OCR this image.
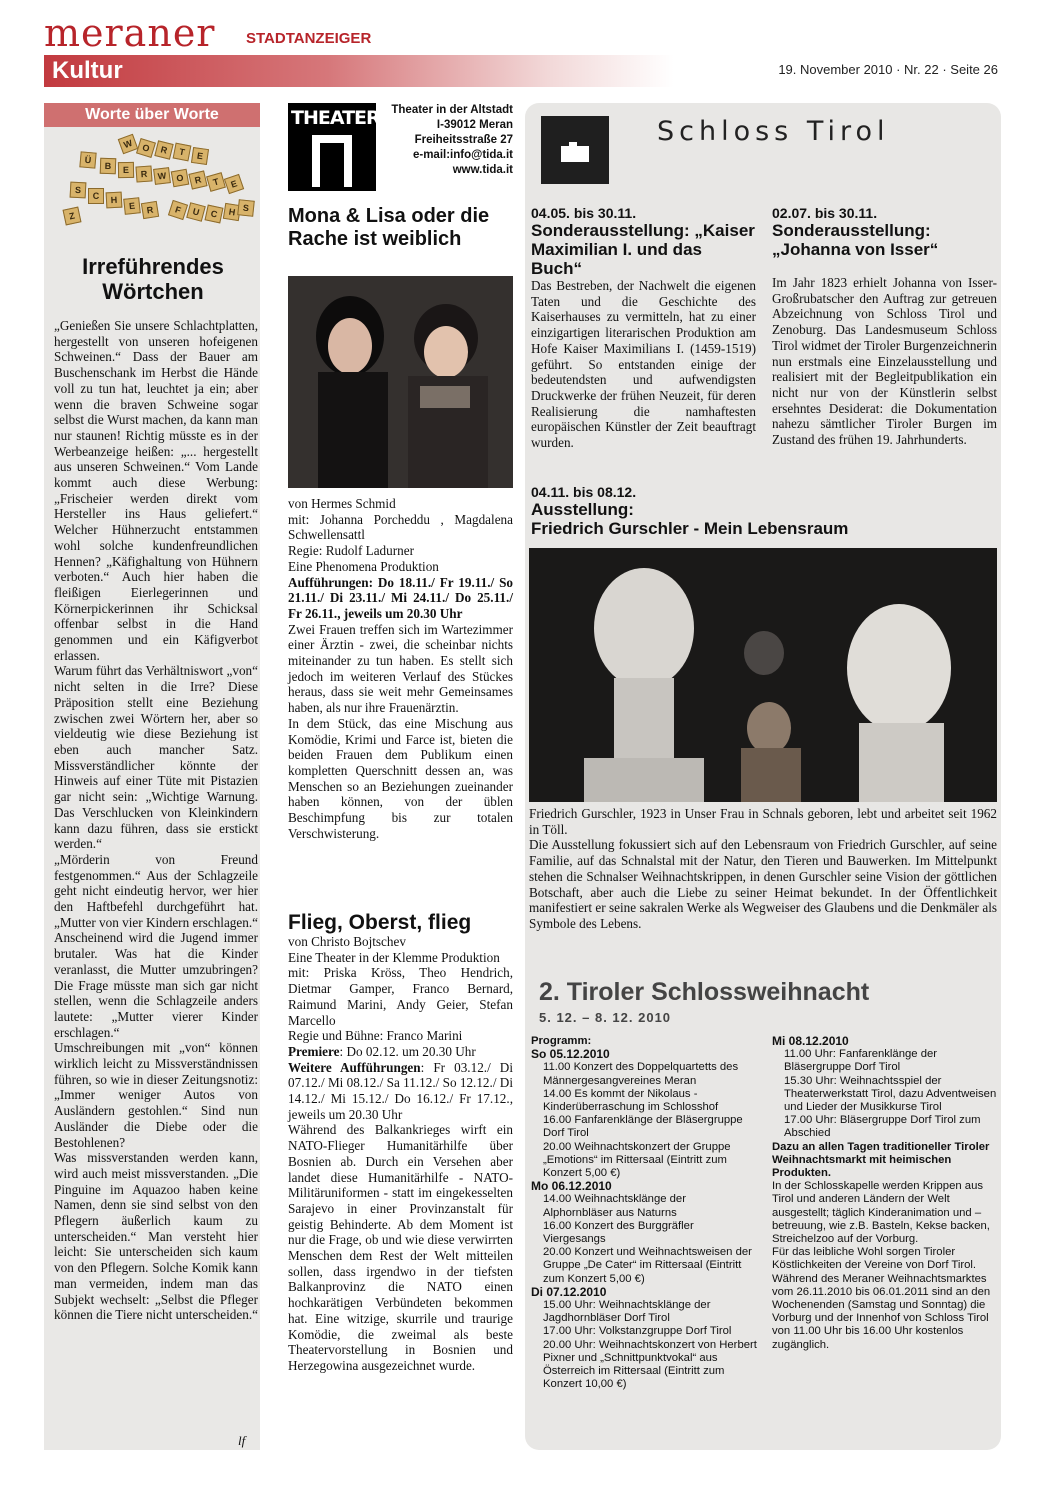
meraner STADTANZEIGER
Kultur	19. November 2010 · Nr. 22 · Seite 26
Worte über Worte
W O R	T	E
Ü
B	E	R	W O	R	T	E
F	U	C	H S
S
C	H
E	R
Z
Irreführendes Wörtchen

„Genießen Sie unsere Schlachtplatten, hergestellt von unseren hofeigenen Schweinen.“ Dass der Bauer am Buschenschank im Herbst die Hände voll zu tun hat, leuchtet ja ein; aber wenn die braven Schweine sogar selbst die Wurst machen, da kann man nur staunen! Richtig müsste es in der Werbeanzeige heißen: „... hergestellt aus unseren Schweinen.“ Vom Lande kommt auch diese Werbung: „Frischeier werden direkt vom Hersteller ins Haus geliefert.“ Welcher Hühnerzucht entstammen wohl solche kundenfreundlichen Hennen? „Käfighaltung von Hühnern verboten.“ Auch hier haben die fleißigen Eierlegerinnen und Körnerpickerinnen ihr Schicksal offenbar selbst in die Hand genommen und ein Käfigverbot erlassen.

Warum führt das Verhältniswort „von“ nicht selten in die Irre? Diese Präposition stellt eine Beziehung zwischen zwei Wörtern her, aber so vieldeutig wie diese Beziehung ist eben auch mancher Satz. Missverständlicher könnte der Hinweis auf einer Tüte mit Pistazien gar nicht sein: „Wichtige Warnung. Das Verschlucken von Kleinkindern kann dazu führen, dass sie erstickt werden.“

„Mörderin von Freund festgenommen.“ Aus der Schlagzeile geht nicht eindeutig hervor, wer hier den Haftbefehl durchgeführt hat. „Mutter von vier Kindern erschlagen.“ Anscheinend wird die Jugend immer brutaler. Was hat die Kinder veranlasst, die Mutter umzubringen? Die Frage müsste man sich gar nicht stellen, wenn die Schlagzeile anders lautete: „Mutter vierer Kinder erschlagen.“

Umschreibungen mit „von“ können wirklich leicht zu Missverständnissen führen, so wie in dieser Zeitungsnotiz: „Immer weniger Autos von Ausländern gestohlen.“ Sind nun Ausländer die Diebe oder die Bestohlenen?

Was missverstanden werden kann, wird auch meist missverstanden. „Die Pinguine im Aquazoo haben keine Namen, denn sie sind selbst von den Pflegern äußerlich kaum zu unterscheiden.“ Man versteht hier leicht: Sie unterscheiden sich kaum von den Pflegern. Solche Komik kann man vermeiden, indem man das Subjekt wechselt: „Selbst die Pfleger können die Tiere nicht unterscheiden.“

lf
THEATER	Theater in der Altstadt
I-39012 Meran
Freiheitsstraße 27
e-mail:info@tida.it
www.tida.it
Mona & Lisa oder die Rache ist weiblich

von Hermes Schmid

mit: Johanna Porcheddu , Magdalena Schwellensattl

Regie: Rudolf Ladurner

Eine Phenomena Produktion

Aufführungen: Do 18.11./ Fr 19.11./ So 21.11./ Di 23.11./ Mi 24.11./ Do 25.11./ Fr 26.11., jeweils um 20.30 Uhr

Zwei Frauen treffen sich im Wartezimmer einer Ärztin - zwei, die scheinbar nichts miteinander zu tun haben. Es stellt sich jedoch im weiteren Verlauf des Stückes heraus, dass sie weit mehr Gemeinsames haben, als nur ihre Frauenärztin.

In dem Stück, das eine Mischung aus Komödie, Krimi und Farce ist, bieten die beiden Frauen dem Publikum einen kompletten Querschnitt dessen an, was Menschen so an Beziehungen zueinander haben können, von der üblen Beschimpfung bis zur totalen Verschwisterung.

Flieg, Oberst, flieg

von Christo Bojtschev

Eine Theater in der Klemme Produktion

mit: Priska Kröss, Theo Hendrich, Dietmar Gamper, Franco Bernard, Raimund Marini, Andy Geier, Stefan Marcello

Regie und Bühne: Franco Marini

Premiere: Do 02.12. um 20.30 Uhr

Weitere Aufführungen: Fr 03.12./ Di 07.12./ Mi 08.12./ Sa 11.12./ So 12.12./ Di 14.12./ Mi 15.12./ Do 16.12./ Fr 17.12., jeweils um 20.30 Uhr

Während des Balkankrieges wirft ein NATO-Flieger Humanitärhilfe über Bosnien ab. Durch ein Versehen aber landet diese Humanitärhilfe - NATO-Militäruniformen - statt im eingekesselten Sarajevo in einer Provinzanstalt für geistig Behinderte. Ab dem Moment ist nur die Frage, ob und wie diese verwirrten Menschen dem Rest der Welt mitteilen sollen, dass irgendwo in der tiefsten Balkanprovinz die NATO einen hochkarätigen Verbündeten bekommen hat. Eine witzige, skurrile und traurige Komödie, die zweimal als beste Theatervorstellung in Bosnien und Herzegowina ausgezeichnet wurde.

Schloss Tirol
04.05. bis 30.11.
Sonderausstellung: „Kaiser Maximilian I. und das Buch“
Das Bestreben, der Nachwelt die eigenen Taten und die Geschichte des Kaiserhauses zu vermitteln, hat zu einer einzigartigen literarischen Produktion am Hofe Kaiser Maximilians I. (1459-1519) geführt. So entstanden einige der bedeutendsten und aufwendigsten Druckwerke der frühen Neuzeit, für deren Realisierung die namhaftesten europäischen Künstler der Zeit beauftragt wurden.
02.07. bis 30.11.
Sonderausstellung: „Johanna von Isser“
Im Jahr 1823 erhielt Johanna von Isser-Großrubatscher den Auftrag zur getreuen Abzeichnung von Schloss Tirol und Zenoburg. Das Landesmuseum Schloss Tirol widmet der Tiroler Burgenzeichnerin nun erstmals eine Einzelausstellung und realisiert mit der Begleitpublikation ein nicht nur von der Künstlerin selbst ersehntes Desiderat: die Dokumentation nahezu sämtlicher Tiroler Burgen im Zustand des frühen 19. Jahrhunderts.
04.11. bis 08.12.
Ausstellung:
Friedrich Gurschler - Mein Lebensraum

Friedrich Gurschler, 1923 in Unser Frau in Schnals geboren, lebt und arbeitet seit 1962 in Töll.

Die Ausstellung fokussiert sich auf den Lebensraum von Friedrich Gurschler, auf seine Familie, auf das Schnalstal mit der Natur, den Tieren und Bauwerken. Im Mittelpunkt stehen die Schnalser Weihnachtskrippen, in denen Gurschler seine Vision der göttlichen Botschaft, aber auch die Liebe zu seiner Heimat bekundet. In der Öffentlichkeit manifestiert er seine sakralen Werke als Wegweiser des Glaubens und die Denkmäler als Symbole des Lebens.

2. Tiroler Schlossweihnacht
5. 12. – 8. 12. 2010

Programm:

So 05.12.2010

11.00 Konzert des Doppelquartetts des Männergesangvereines Meran

14.00 Es kommt der Nikolaus - Kinderüberraschung im Schlosshof

16.00 Fanfarenklänge der Bläsergruppe Dorf Tirol

20.00 Weihnachtskonzert der Gruppe „Emotions“ im Rittersaal (Eintritt zum Konzert 5,00 €)

Mo 06.12.2010

14.00 Weihnachtsklänge der Alphornbläser aus Naturns

16.00 Konzert des Burggräfler Viergesangs

20.00 Konzert und Weihnachtsweisen der Gruppe „De Cater“ im Rittersaal (Eintritt zum Konzert 5,00 €)

Di 07.12.2010

15.00 Uhr: Weihnachtsklänge der Jagdhornbläser Dorf Tirol

17.00 Uhr: Volkstanzgruppe Dorf Tirol

20.00 Uhr: Weihnachtskonzert von Herbert Pixner und „Schnittpunktvokal“ aus Österreich im Rittersaal (Eintritt zum Konzert 10,00 €)

Mi 08.12.2010

11.00 Uhr: Fanfarenklänge der Bläsergruppe Dorf Tirol

15.30 Uhr: Weihnachtsspiel der Theaterwerkstatt Tirol, dazu Adventweisen und Lieder der Musikkurse Tirol

17.00 Uhr: Bläsergruppe Dorf Tirol zum Abschied

Dazu an allen Tagen traditioneller Tiroler Weihnachtsmarkt mit heimischen Produkten.

In der Schlosskapelle werden Krippen aus Tirol und anderen Ländern der Welt ausgestellt; täglich Kinderanimation und –betreuung, wie z.B. Basteln, Kekse backen, Streichelzoo auf der Vorburg.

Für das leibliche Wohl sorgen Tiroler Köstlichkeiten der Vereine von Dorf Tirol.

Während des Meraner Weihnachtsmarktes vom 26.11.2010 bis 06.01.2011 sind an den Wochenenden (Samstag und Sonntag) die Vorburg und der Innenhof von Schloss Tirol von 11.00 Uhr bis 16.00 Uhr kostenlos zugänglich.
